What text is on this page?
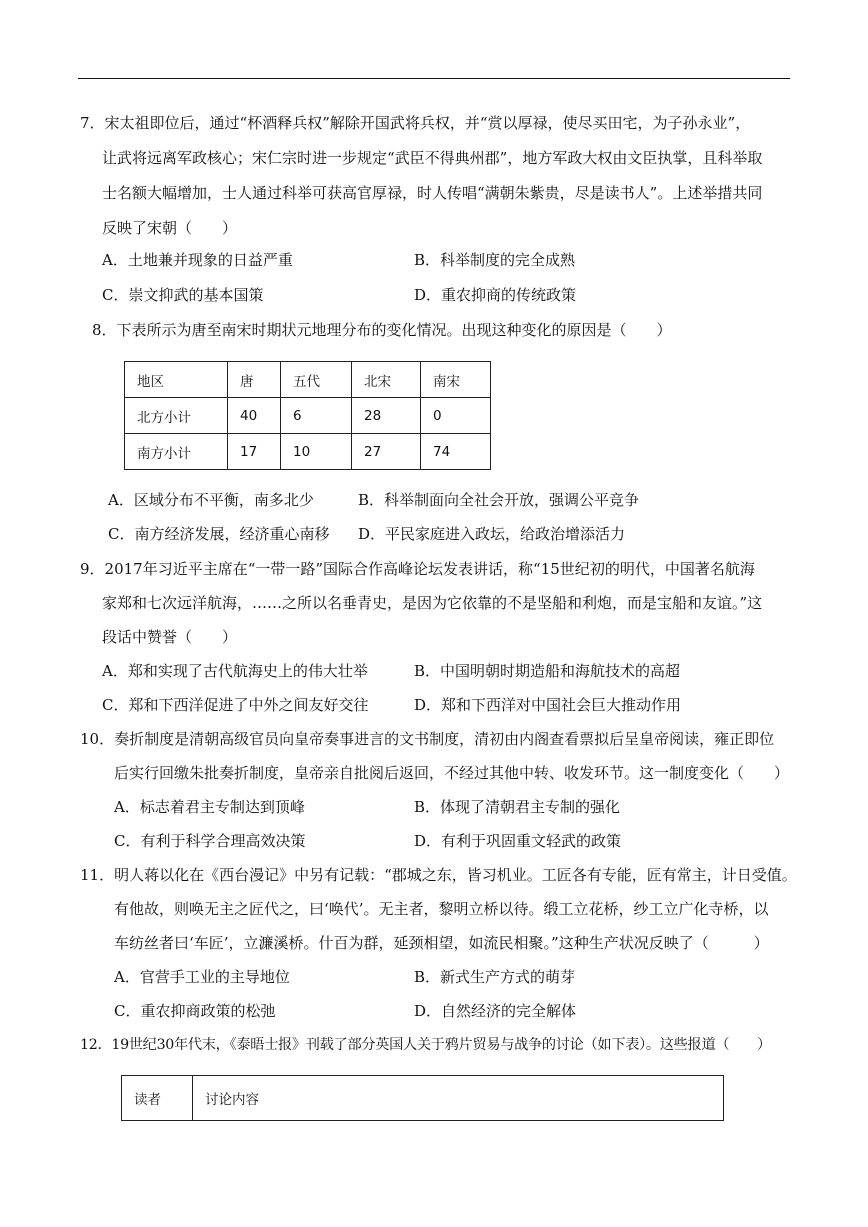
7．宋太祖即位后，通过“杯酒释兵权”解除开国武将兵权，并“赏以厚禄，使尽买田宅，为子孙永业”，
让武将远离军政核心；宋仁宗时进一步规定“武臣不得典州郡”，地方军政大权由文臣执掌，且科举取
士名额大幅增加，士人通过科举可获高官厚禄，时人传唱“满朝朱紫贵，尽是读书人”。上述举措共同
反映了宋朝（　　）
A．土地兼并现象的日益严重	B．科举制度的完全成熟
C．崇文抑武的基本国策	D．重农抑商的传统政策
8．下表所示为唐至南宋时期状元地理分布的变化情况。出现这种变化的原因是（　　）
地区	唐	五代	北宋	南宋
北方小计	40	6	28	0
南方小计	17	10	27	74
A．区域分布不平衡，南多北少	B．科举制面向全社会开放，强调公平竞争
C．南方经济发展，经济重心南移 D．平民家庭进入政坛，给政治增添活力
9．2017年习近平主席在“一带一路”国际合作高峰论坛发表讲话，称“15世纪初的明代，中国著名航海
家郑和七次远洋航海，……之所以名垂青史，是因为它依靠的不是坚船和利炮，而是宝船和友谊。”这
段话中赞誉（　　）
A．郑和实现了古代航海史上的伟大壮举	B．中国明朝时期造船和海航技术的高超
C．郑和下西洋促进了中外之间友好交往	D．郑和下西洋对中国社会巨大推动作用
10．奏折制度是清朝高级官员向皇帝奏事进言的文书制度，清初由内阁查看票拟后呈皇帝阅读，雍正即位
后实行回缴朱批奏折制度，皇帝亲自批阅后返回，不经过其他中转、收发环节。这一制度变化（　　）
A．标志着君主专制达到顶峰	B．体现了清朝君主专制的强化
C．有利于科学合理高效决策	D．有利于巩固重文轻武的政策
11．明人蒋以化在《西台漫记》中另有记载：“郡城之东，皆习机业。工匠各有专能，匠有常主，计日受值。
有他故，则唤无主之匠代之，曰‘唤代’。无主者，黎明立桥以待。缎工立花桥，纱工立广化寺桥，以
车纺丝者曰‘车匠’，立濂溪桥。什百为群，延颈相望，如流民相聚。”这种生产状况反映了（　　　）
A．官营手工业的主导地位	B．新式生产方式的萌芽
C．重农抑商政策的松弛	D．自然经济的完全解体
12．19世纪30年代末，《泰晤士报》刊载了部分英国人关于鸦片贸易与战争的讨论（如下表）。这些报道（　　）
读者	讨论内容
